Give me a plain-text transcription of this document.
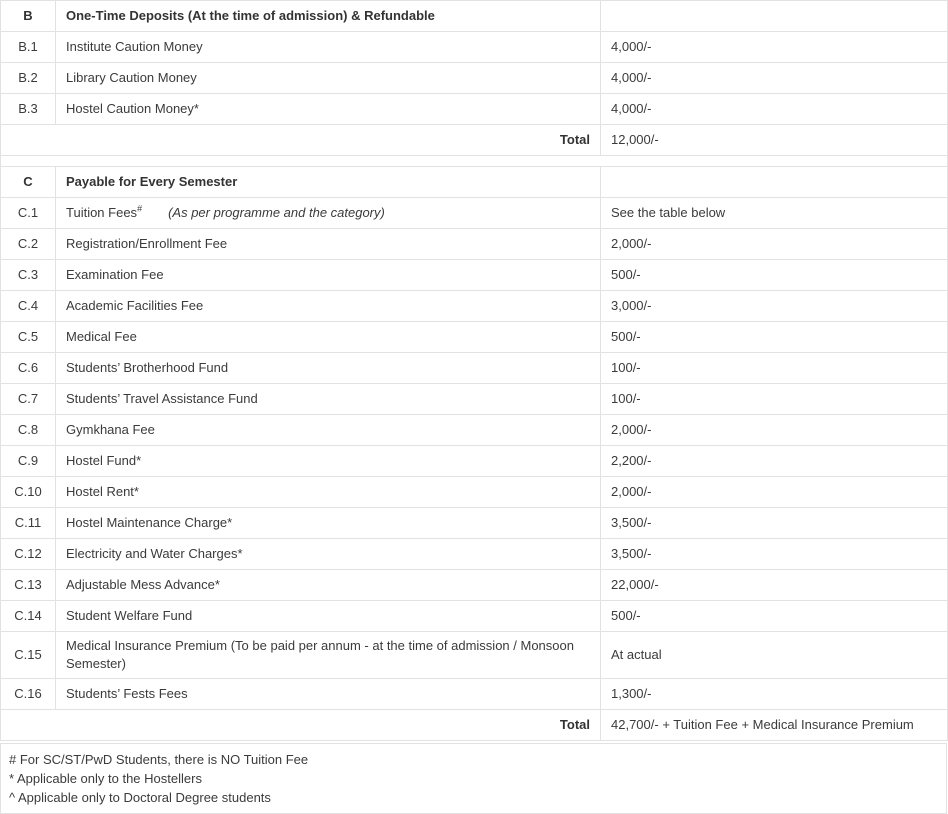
B	One-Time Deposits (At the time of admission) & Refundable	
B.1	Institute Caution Money	4,000/-
B.2	Library Caution Money	4,000/-
B.3	Hostel Caution Money*	4,000/-
Total		12,000/-

C	Payable for Every Semester	
C.1	Tuition Fees# (As per programme and the category)	See the table below
C.2	Registration/Enrollment Fee	2,000/-
C.3	Examination Fee	500/-
C.4	Academic Facilities Fee	3,000/-
C.5	Medical Fee	500/-
C.6	Students’ Brotherhood Fund	100/-
C.7	Students’ Travel Assistance Fund	100/-
C.8	Gymkhana Fee	2,000/-
C.9	Hostel Fund*	2,200/-
C.10	Hostel Rent*	2,000/-
C.11	Hostel Maintenance Charge*	3,500/-
C.12	Electricity and Water Charges*	3,500/-
C.13	Adjustable Mess Advance*	22,000/-
C.14	Student Welfare Fund	500/-
C.15	Medical Insurance Premium (To be paid per annum - at the time of admission / Monsoon Semester)	At actual
C.16	Students’ Fests Fees	1,300/-
Total		42,700/- + Tuition Fee + Medical Insurance Premium
# For SC/ST/PwD Students, there is NO Tuition Fee
* Applicable only to the Hostellers
^ Applicable only to Doctoral Degree students
